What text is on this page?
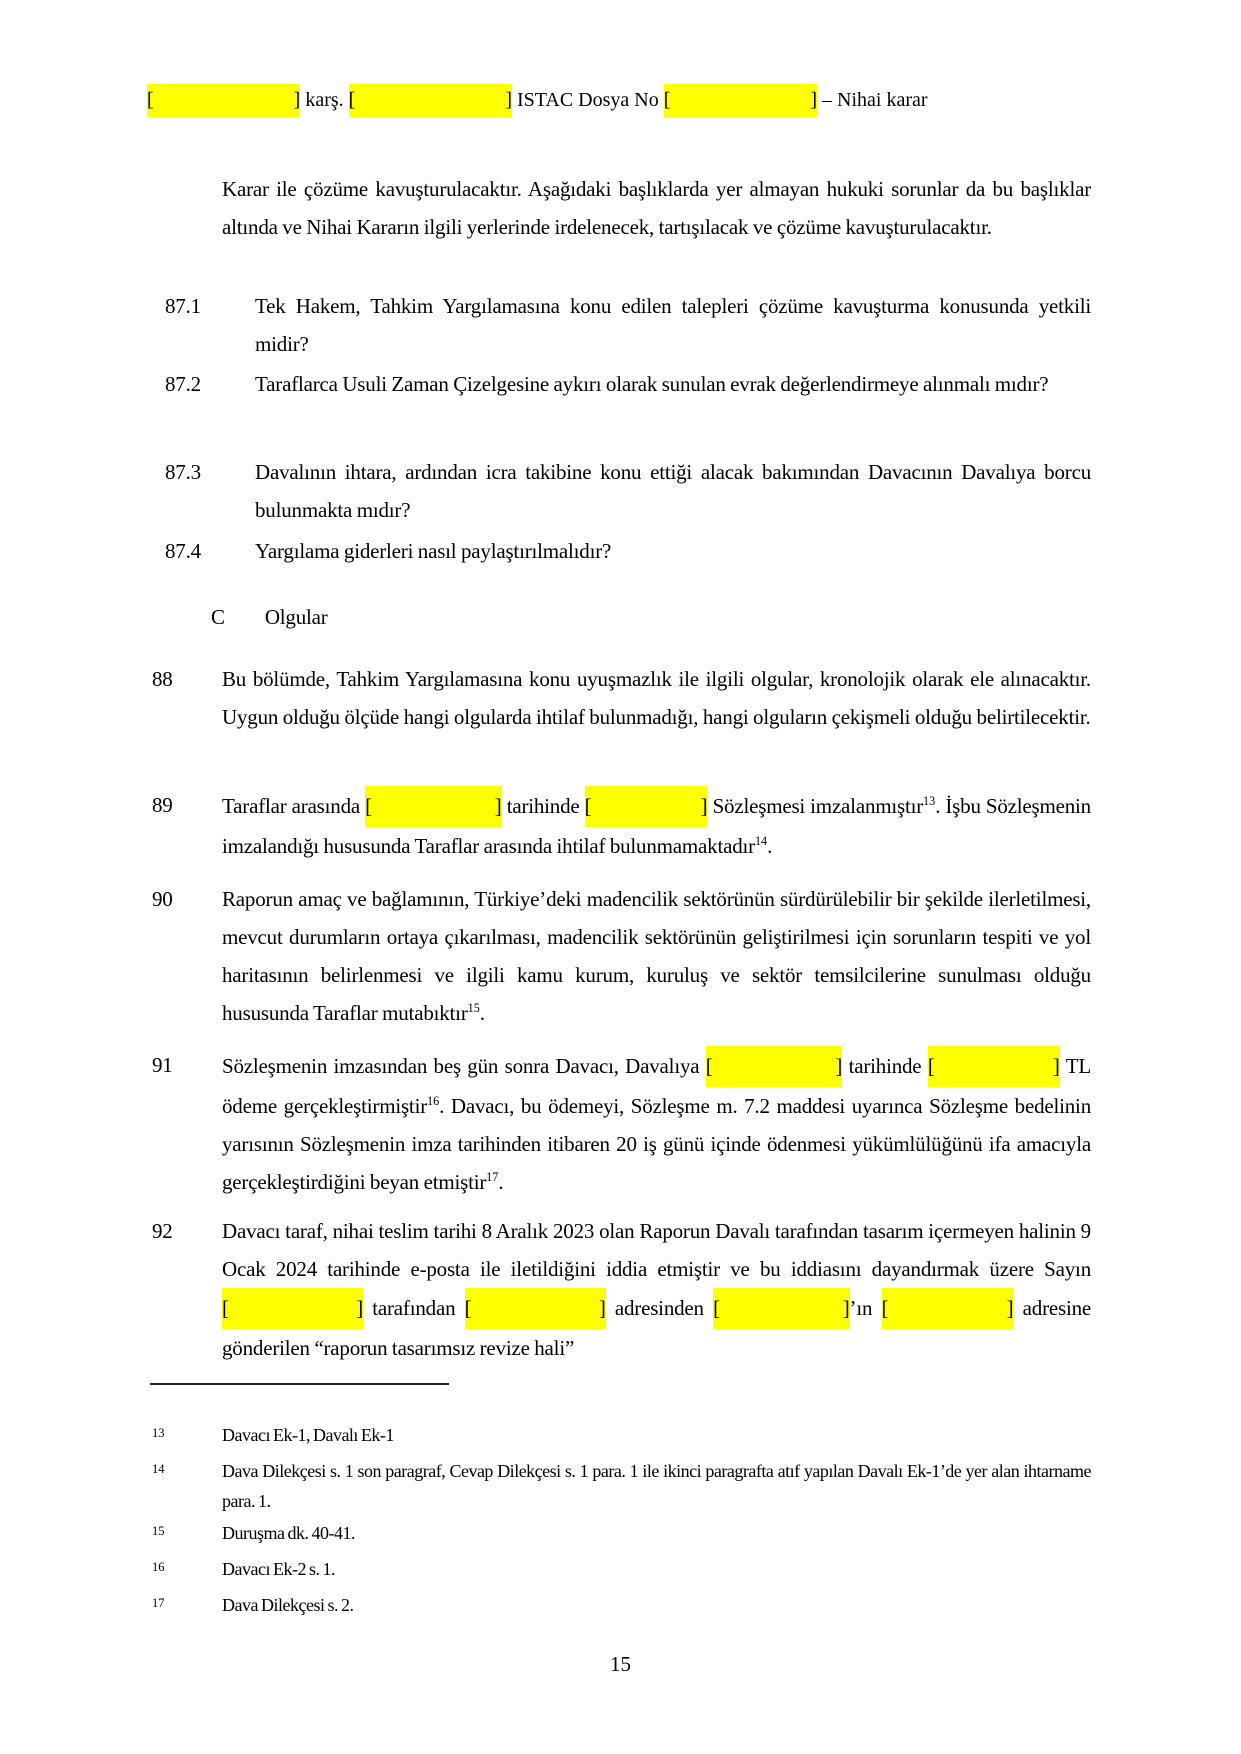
[                            ] karş. [                              ] ISTAC Dosya No [                            ] – Nihai karar
Karar ile çözüme kavuşturulacaktır. Aşağıdaki başlıklarda yer almayan hukuki sorunlar da bu başlıklar altında ve Nihai Kararın ilgili yerlerinde irdelenecek, tartışılacak ve çözüme kavuşturulacaktır.
87.1	Tek Hakem, Tahkim Yargılamasına konu edilen talepleri çözüme kavuşturma konusunda yetkili midir?
87.2	Taraflarca Usuli Zaman Çizelgesine aykırı olarak sunulan evrak değerlendirmeye alınmalı mıdır?
87.3	Davalının ihtara, ardından icra takibine konu ettiği alacak bakımından Davacının Davalıya borcu bulunmakta mıdır?
87.4	Yargılama giderleri nasıl paylaştırılmalıdır?
C Olgular
88 Bu bölümde, Tahkim Yargılamasına konu uyuşmazlık ile ilgili olgular, kronolojik olarak ele alınacaktır. Uygun olduğu ölçüde hangi olgularda ihtilaf bulunmadığı, hangi olguların çekişmeli olduğu belirtilecektir.
89 Taraflar arasında [                           ] tarihinde [                        ] Sözleşmesi imzalanmıştır$^{13}$. İşbu Sözleşmenin imzalandığı hususunda Taraflar arasında ihtilaf bulunmamaktadır$^{14}$.
90 Raporun amaç ve bağlamının, Türkiye’deki madencilik sektörünün sürdürülebilir bir şekilde ilerletilmesi, mevcut durumların ortaya çıkarılması, madencilik sektörünün geliştirilmesi için sorunların tespiti ve yol haritasının belirlenmesi ve ilgili kamu kurum, kuruluş ve sektör temsilcilerine sunulması olduğu hususunda Taraflar mutabıktır$^{15}$.
91 Sözleşmenin imzasından beş gün sonra Davacı, Davalıya [                           ] tarihinde [                          ] TL ödeme gerçekleştirmiştir$^{16}$. Davacı, bu ödemeyi, Sözleşme m. 7.2 maddesi uyarınca Sözleşme bedelinin yarısının Sözleşmenin imza tarihinden itibaren 20 iş günü içinde ödenmesi yükümlülüğünü ifa amacıyla gerçekleştirdiğini beyan etmiştir$^{17}$.
92 Davacı taraf, nihai teslim tarihi 8 Aralık 2023 olan Raporun Davalı tarafından tasarım içermeyen halinin 9 Ocak 2024 tarihinde e-posta ile iletildiğini iddia etmiştir ve bu iddiasını dayandırmak üzere Sayın [                            ] tarafından [                            ] adresinden [                           ]’ın [                          ] adresine gönderilen “raporun tasarımsız revize hali”
13	Davacı Ek-1, Davalı Ek-1
14	Dava Dilekçesi s. 1 son paragraf, Cevap Dilekçesi s. 1 para. 1 ile ikinci paragrafta atıf yapılan Davalı Ek-1’de yer alan ihtarname para. 1.
15	Duruşma dk. 40-41.
16	Davacı Ek-2 s. 1.
17	Dava Dilekçesi s. 2.
15
